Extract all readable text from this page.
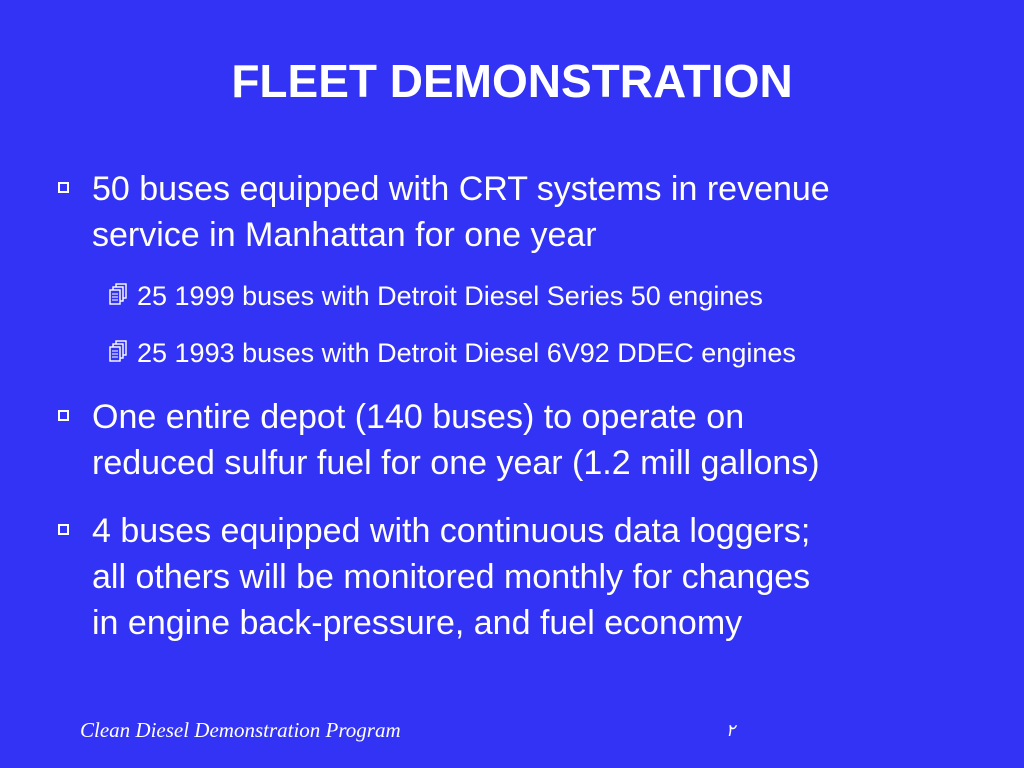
FLEET DEMONSTRATION
50 buses equipped with CRT systems in revenue
service in Manhattan for one year
25 1999 buses with Detroit Diesel Series 50 engines
25 1993 buses with Detroit Diesel 6V92 DDEC engines
One entire depot (140 buses) to operate on
reduced sulfur fuel for one year (1.2 mill gallons)
4 buses equipped with continuous data loggers;
all others will be monitored monthly for changes
in engine back-pressure, and fuel economy
Clean Diesel Demonstration Program	۲
